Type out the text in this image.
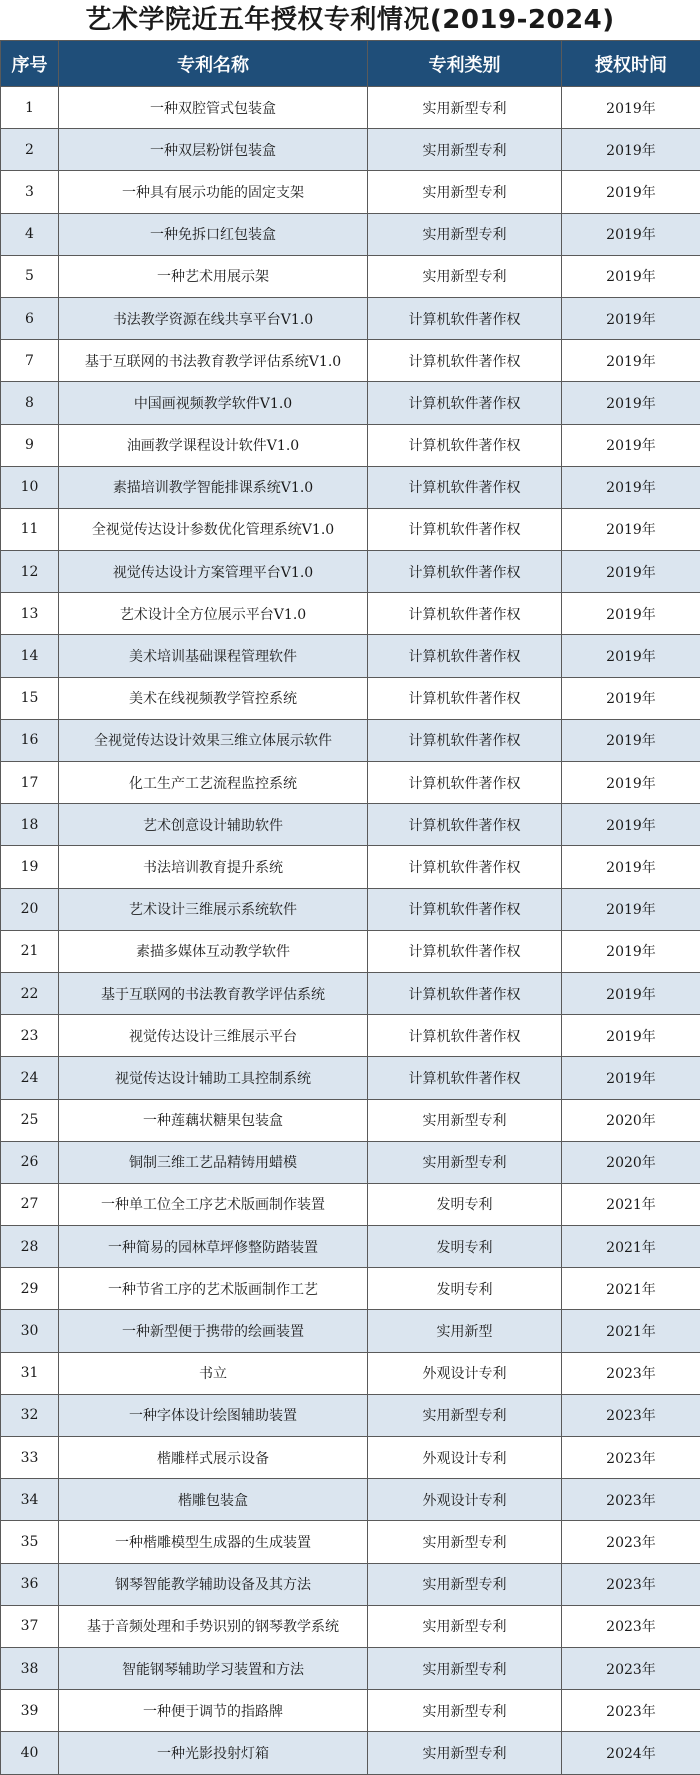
艺术学院近五年授权专利情况(2019-2024)
序号	专利名称	专利类别	授权时间
1	一种双腔管式包装盒	实用新型专利	2019年
2	一种双层粉饼包装盒	实用新型专利	2019年
3	一种具有展示功能的固定支架	实用新型专利	2019年
4	一种免拆口红包装盒	实用新型专利	2019年
5	一种艺术用展示架	实用新型专利	2019年
6	书法教学资源在线共享平台V1.0	计算机软件著作权	2019年
7	基于互联网的书法教育教学评估系统V1.0	计算机软件著作权	2019年
8	中国画视频教学软件V1.0	计算机软件著作权	2019年
9	油画教学课程设计软件V1.0	计算机软件著作权	2019年
10	素描培训教学智能排课系统V1.0	计算机软件著作权	2019年
11	全视觉传达设计参数优化管理系统V1.0	计算机软件著作权	2019年
12	视觉传达设计方案管理平台V1.0	计算机软件著作权	2019年
13	艺术设计全方位展示平台V1.0	计算机软件著作权	2019年
14	美术培训基础课程管理软件	计算机软件著作权	2019年
15	美术在线视频教学管控系统	计算机软件著作权	2019年
16	全视觉传达设计效果三维立体展示软件	计算机软件著作权	2019年
17	化工生产工艺流程监控系统	计算机软件著作权	2019年
18	艺术创意设计辅助软件	计算机软件著作权	2019年
19	书法培训教育提升系统	计算机软件著作权	2019年
20	艺术设计三维展示系统软件	计算机软件著作权	2019年
21	素描多媒体互动教学软件	计算机软件著作权	2019年
22	基于互联网的书法教育教学评估系统	计算机软件著作权	2019年
23	视觉传达设计三维展示平台	计算机软件著作权	2019年
24	视觉传达设计辅助工具控制系统	计算机软件著作权	2019年
25	一种莲藕状糖果包装盒	实用新型专利	2020年
26	铜制三维工艺品精铸用蜡模	实用新型专利	2020年
27	一种单工位全工序艺术版画制作装置	发明专利	2021年
28	一种简易的园林草坪修整防踏装置	发明专利	2021年
29	一种节省工序的艺术版画制作工艺	发明专利	2021年
30	一种新型便于携带的绘画装置	实用新型	2021年
31	书立	外观设计专利	2023年
32	一种字体设计绘图辅助装置	实用新型专利	2023年
33	楷雕样式展示设备	外观设计专利	2023年
34	楷雕包装盒	外观设计专利	2023年
35	一种楷雕模型生成器的生成装置	实用新型专利	2023年
36	钢琴智能教学辅助设备及其方法	实用新型专利	2023年
37	基于音频处理和手势识别的钢琴教学系统	实用新型专利	2023年
38	智能钢琴辅助学习装置和方法	实用新型专利	2023年
39	一种便于调节的指路牌	实用新型专利	2023年
40	一种光影投射灯箱	实用新型专利	2024年
